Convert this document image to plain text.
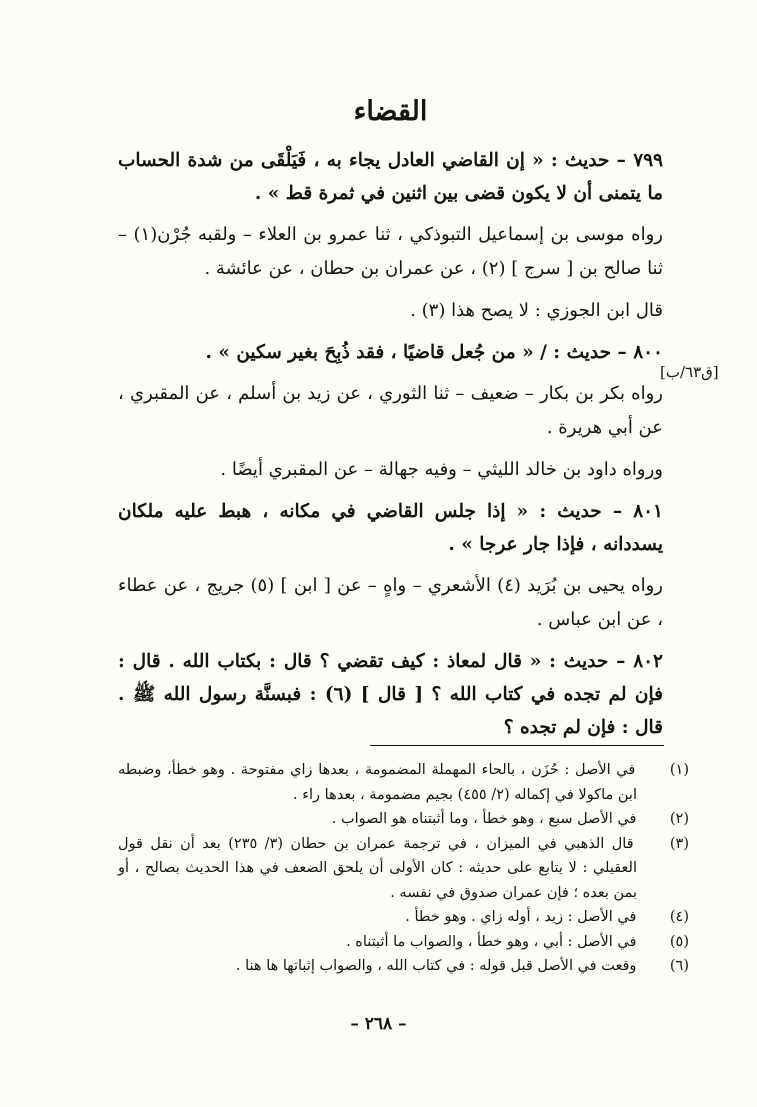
القضاء

٧٩٩ – حديث : « إن القاضي العادل يجاء به ، فَيَلْقَى من شدة الحساب ما يتمنى أن لا يكون قضى بين اثنين في ثمرة قط » .

رواه موسى بن إسماعيل التبوذكي ، ثنا عمرو بن العلاء – ولقبه جُرْن(١) – ثنا صالح بن [ سرج ] (٢) ، عن عمران بن حطان ، عن عائشة .

قال ابن الجوزي : لا يصح هذا (٣) .

٨٠٠ – حديث : / « من جُعل قاضيًا ، فقد ذُبِحَ بغير سكين » .

رواه بكر بن بكار – ضعيف – ثنا الثوري ، عن زيد بن أسلم ، عن المقبري ، عن أبي هريرة .

ورواه داود بن خالد الليثي – وفيه جهالة – عن المقبري أيضًا .

٨٠١ – حديث : « إذا جلس القاضي في مكانه ، هبط عليه ملكان يسددانه ، فإذا جار عرجا » .

رواه يحيى بن بُرَيد (٤) الأشعري – واهٍ – عن [ ابن ] (٥) جريج ، عن عطاء ، عن ابن عباس .

٨٠٢ – حديث : « قال لمعاذ : كيف تقضي ؟ قال : بكتاب الله . قال : فإن لم تجده في كتاب الله ؟ [ قال ] (٦) : فبسنَّة رسول الله ﷺ . قال : فإن لم تجده ؟

[ق٦٣/ب]

(١) في الأصل : حُزَن ، بالحاء المهملة المضمومة ، بعدها زاي مفتوحة . وهو خطأ، وضبطه ابن ماكولا في إكماله (٢/ ٤٥٥) بجيم مضمومة ، بعدها راء .

(٢) في الأصل سبع ، وهو خطأ ، وما أثبتناه هو الصواب .

(٣) قال الذهبي في الميزان ، في ترجمة عمران بن حطان (٣/ ٢٣٥) بعد أن نقل قول العقيلي : لا يتابع على حديثه : كان الأولى أن يلحق الضعف في هذا الحديث بصالح ، أو بمن بعده ؛ فإن عمران صدوق في نفسه .

(٤) في الأصل : زيد ، أوله زاي . وهو خطأ .

(٥) في الأصل : أبي ، وهو خطأ ، والصواب ما أثبتناه .

(٦) وقعت في الأصل قبل قوله : في كتاب الله ، والصواب إثباتها ها هنا .

– ٢٦٨ –
